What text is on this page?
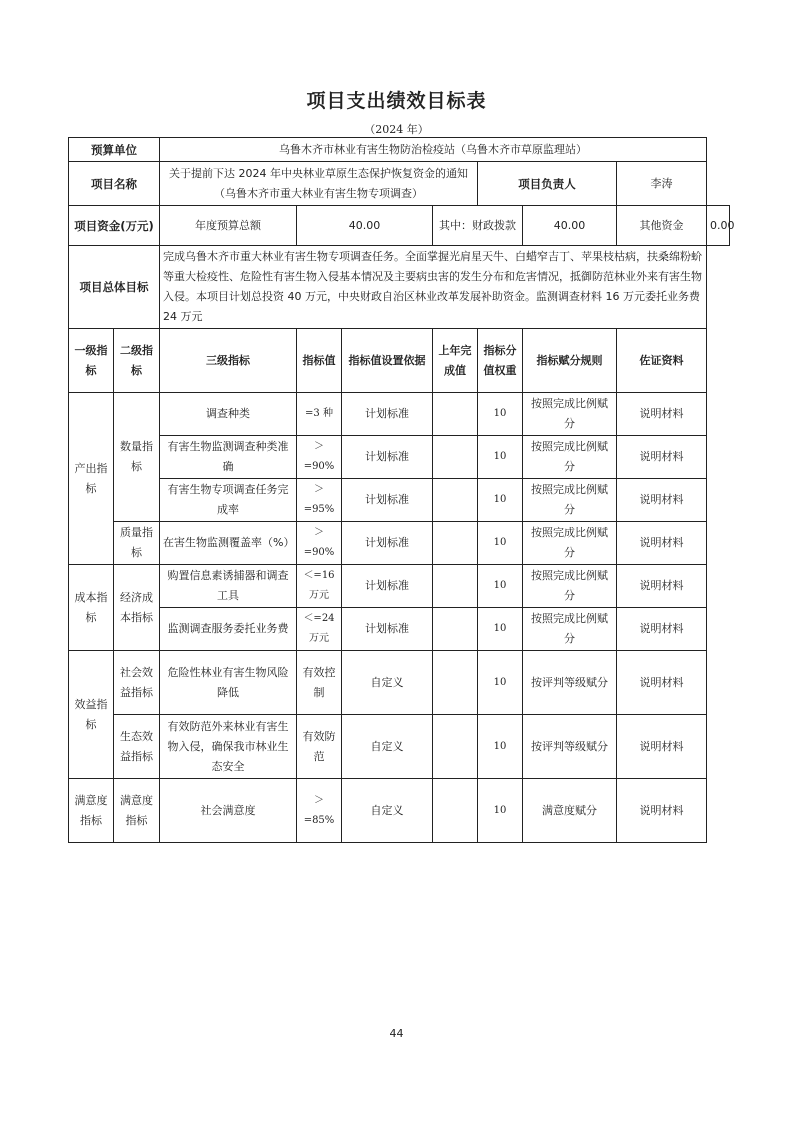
项目支出绩效目标表
（2024 年）
预算单位		乌鲁木齐市林业有害生物防治检疫站（乌鲁木齐市草原监理站）							
项目名称		关于提前下达 2024 年中央林业草原生态保护恢复资金的通知（乌鲁木齐市重大林业有害生物专项调查）				项目负责人		李涛	
项目资金(万元)		年度预算总额	40.00		其中：财政拨款		40.00	其他资金	0.00
项目总体目标		完成乌鲁木齐市重大林业有害生物专项调查任务。全面掌握光肩星天牛、白蜡窄吉丁、苹果枝枯病，扶桑绵粉蚧等重大检疫性、危险性有害生物入侵基本情况及主要病虫害的发生分布和危害情况，抵御防范林业外来有害生物入侵。本项目计划总投资 40 万元，中央财政自治区林业改革发展补助资金。监测调查材料 16 万元委托业务费 24 万元							
一级指标	二级指标	三级指标	指标值	指标值设置依据	上年完成值	指标分值权重	指标赋分规则	佐证资料	
产出指标	数量指标	调查种类	=3 种	计划标准		10	按照完成比例赋分	说明材料	
		有害生物监测调查种类准确	＞=90%	计划标准		10	按照完成比例赋分	说明材料	
		有害生物专项调查任务完成率	＞=95%	计划标准		10	按照完成比例赋分	说明材料	
	质量指标	在害生物监测覆盖率（%）	＞=90%	计划标准		10	按照完成比例赋分	说明材料	
成本指标	经济成本指标	购置信息素诱捕器和调查工具	＜=16 万元	计划标准		10	按照完成比例赋分	说明材料	
		监测调查服务委托业务费	＜=24 万元	计划标准		10	按照完成比例赋分	说明材料	
效益指标	社会效益指标	危险性林业有害生物风险降低	有效控制	自定义		10	按评判等级赋分	说明材料	
	生态效益指标	有效防范外来林业有害生物入侵，确保我市林业生态安全	有效防范	自定义		10	按评判等级赋分	说明材料	
满意度指标	满意度指标	社会满意度	＞=85%	自定义		10	满意度赋分	说明材料	
44
